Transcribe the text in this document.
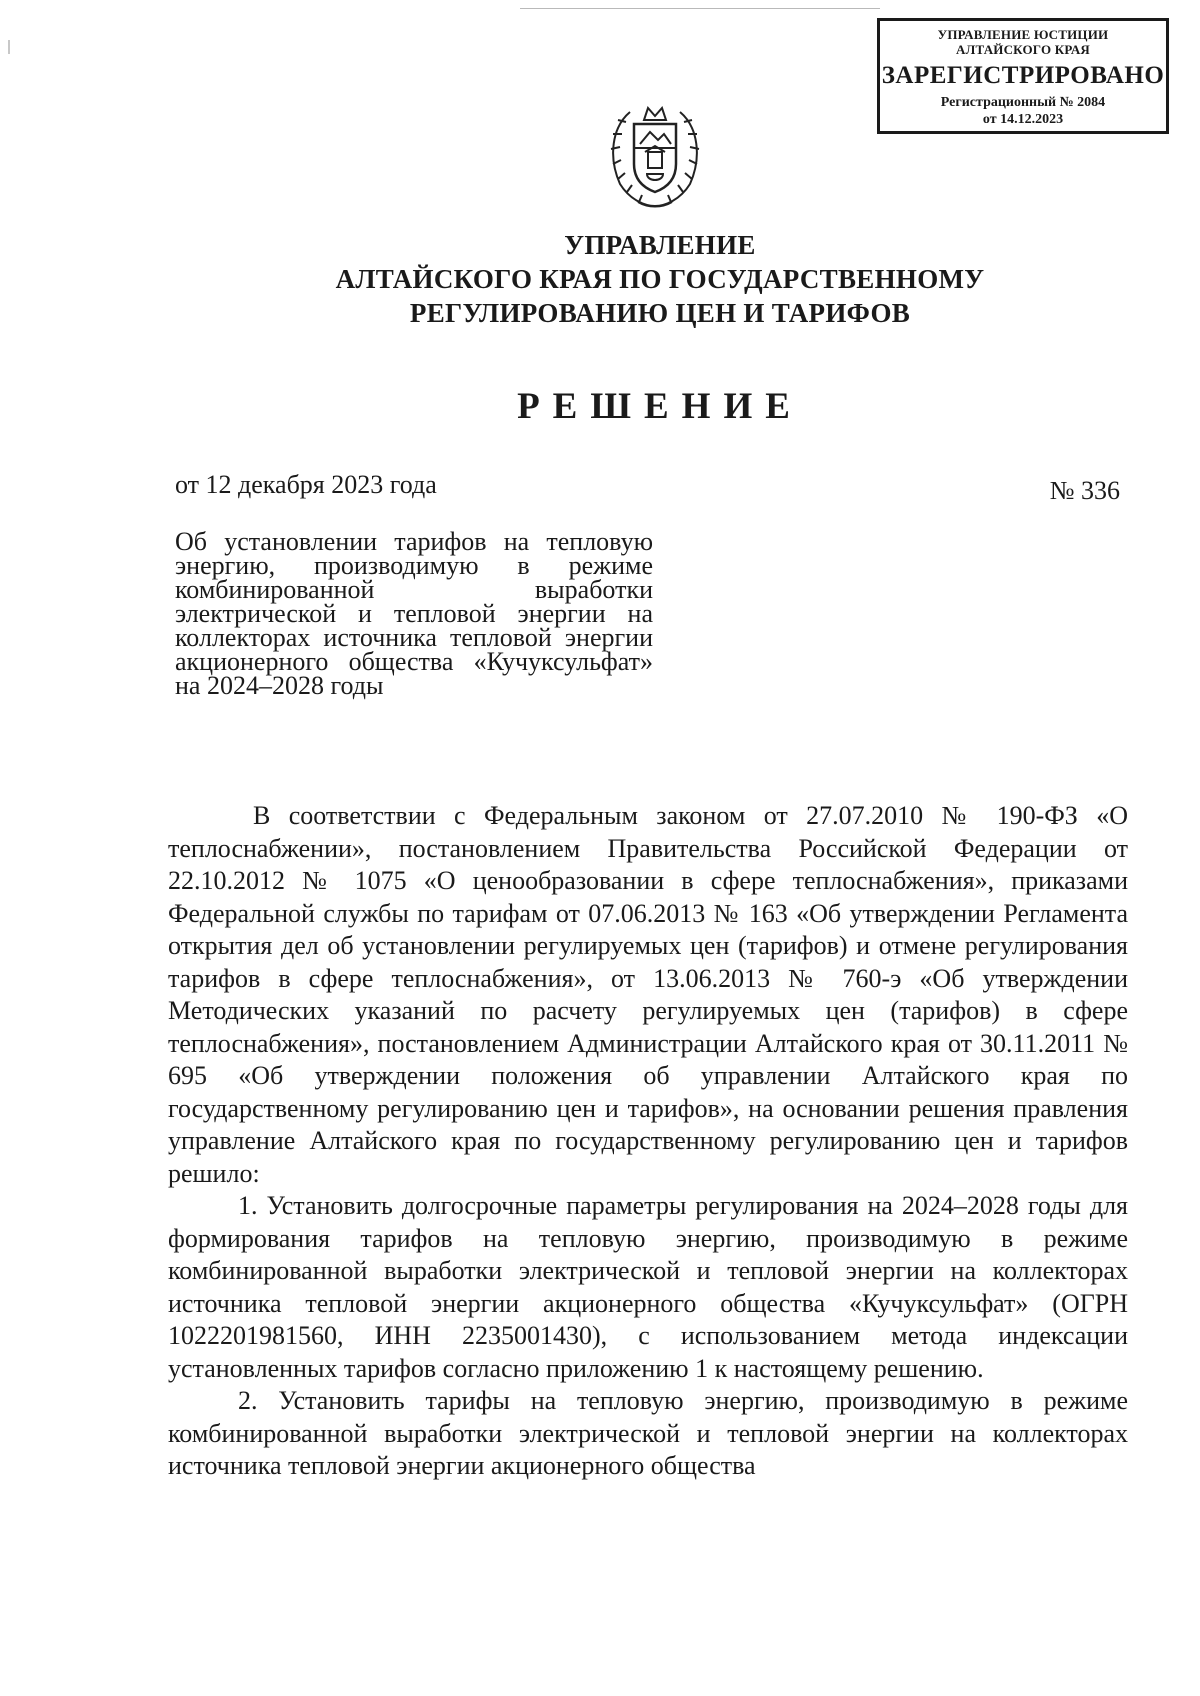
УПРАВЛЕНИЕ ЮСТИЦИИ
АЛТАЙСКОГО КРАЯ
ЗАРЕГИСТРИРОВАНО
Регистрационный № 2084
от 14.12.2023
УПРАВЛЕНИЕ
АЛТАЙСКОГО КРАЯ ПО ГОСУДАРСТВЕННОМУ
РЕГУЛИРОВАНИЮ ЦЕН И ТАРИФОВ
РЕШЕНИЕ
от 12 декабря 2023 года	№ 336
Об установлении тарифов на тепловую энергию, производимую в режиме комбинированной выработки электрической и тепловой энергии на коллекторах источника тепловой энергии акционерного общества «Кучуксульфат» на 2024–2028 годы

В соответствии с Федеральным законом от 27.07.2010 № 190-ФЗ «О теплоснабжении», постановлением Правительства Российской Федерации от 22.10.2012 № 1075 «О ценообразовании в сфере теплоснабжения», приказами Федеральной службы по тарифам от 07.06.2013 № 163 «Об утверждении Регламента открытия дел об установлении регулируемых цен (тарифов) и отмене регулирования тарифов в сфере теплоснабжения», от 13.06.2013 № 760-э «Об утверждении Методических указаний по расчету регулируемых цен (тарифов) в сфере теплоснабжения», постановлением Администрации Алтайского края от 30.11.2011 № 695 «Об утверждении положения об управлении Алтайского края по государственному регулированию цен и тарифов», на основании решения правления управление Алтайского края по государственному регулированию цен и тарифов решило:

1. Установить долгосрочные параметры регулирования на 2024–2028 годы для формирования тарифов на тепловую энергию, производимую в режиме комбинированной выработки электрической и тепловой энергии на коллекторах источника тепловой энергии акционерного общества «Кучуксульфат» (ОГРН 1022201981560, ИНН 2235001430), с использованием метода индексации установленных тарифов согласно приложению 1 к настоящему решению.

2. Установить тарифы на тепловую энергию, производимую в режиме комбинированной выработки электрической и тепловой энергии на коллекторах источника тепловой энергии акционерного общества
